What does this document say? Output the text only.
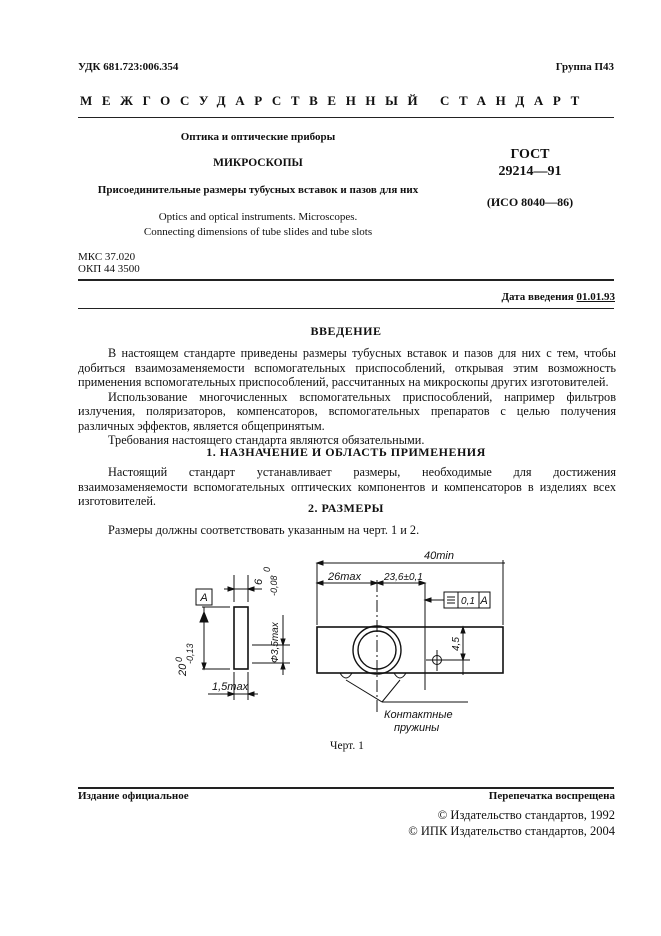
УДК 681.723:006.354	Группа П43
МЕЖГОСУДАРСТВЕННЫЙ СТАНДАРТ
Оптика и оптические приборы
МИКРОСКОПЫ
Присоединительные размеры тубусных вставок и пазов для них
Optics and optical instruments. Microscopes.
Connecting dimensions of tube slides and tube slots
ГОСТ
29214—91
(ИСО 8040—86)
МКС 37.020
ОКП 44 3500
Дата введения 01.01.93
ВВЕДЕНИЕ

В настоящем стандарте приведены размеры тубусных вставок и пазов для них с тем, чтобы добиться взаимозаменяемости вспомогательных приспособлений, открывая этим возможность применения вспомогательных приспособлений, рассчитанных на микроскопы других изготовителей.

Использование многочисленных вспомогательных приспособлений, например фильтров излучения, поляризаторов, компенсаторов, вспомогательных препаратов с целью получения различных эффектов, является общепринятым.

Требования настоящего стандарта являются обязательными.

1. НАЗНАЧЕНИЕ И ОБЛАСТЬ ПРИМЕНЕНИЯ

Настоящий стандарт устанавливает размеры, необходимые для достижения взаимозаменяемости вспомогательных оптических компонентов и компенсаторов в изделиях всех изготовителей.	2. РАЗМЕРЫ
Размеры должны соответствовать указанным на черт. 1 и 2.
A	A
0,1
40min
26max 23,6±0,1
Контактные
пружины
1,5max
6
0
-0,08
20
0 -0,13	Ф3,5max	4,5
Черт. 1
Издание официальное	Перепечатка воспрещена
© Издательство стандартов, 1992
© ИПК Издательство стандартов, 2004
